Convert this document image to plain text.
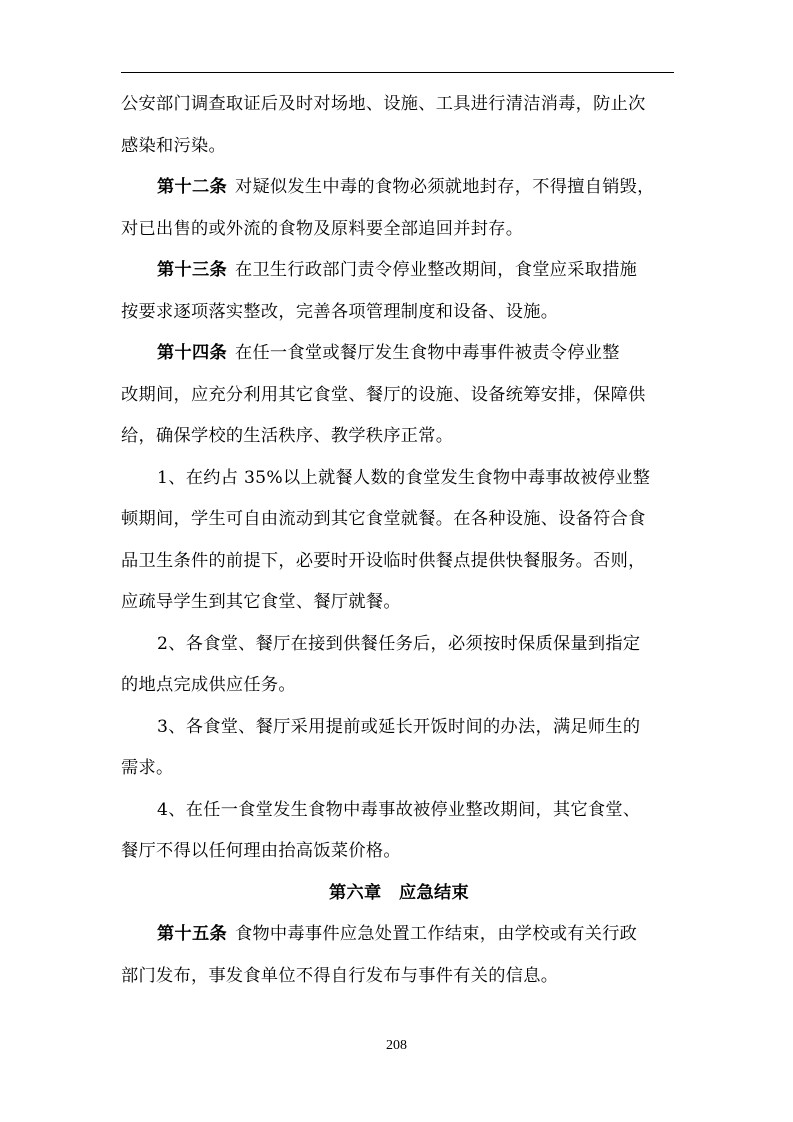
公安部门调查取证后及时对场地、设施、工具进行清洁消毒，防止次
感染和污染。
第十二条 对疑似发生中毒的食物必须就地封存，不得擅自销毁，
对已出售的或外流的食物及原料要全部追回并封存。
第十三条 在卫生行政部门责令停业整改期间，食堂应采取措施
按要求逐项落实整改，完善各项管理制度和设备、设施。
第十四条 在任一食堂或餐厅发生食物中毒事件被责令停业整
改期间，应充分利用其它食堂、餐厅的设施、设备统筹安排，保障供
给，确保学校的生活秩序、教学秩序正常。
1、在约占 35%以上就餐人数的食堂发生食物中毒事故被停业整
顿期间，学生可自由流动到其它食堂就餐。在各种设施、设备符合食
品卫生条件的前提下，必要时开设临时供餐点提供快餐服务。否则，
应疏导学生到其它食堂、餐厅就餐。
2、各食堂、餐厅在接到供餐任务后，必须按时保质保量到指定
的地点完成供应任务。
3、各食堂、餐厅采用提前或延长开饭时间的办法，满足师生的
需求。
4、在任一食堂发生食物中毒事故被停业整改期间，其它食堂、
餐厅不得以任何理由抬高饭菜价格。
第六章　应急结束
第十五条 食物中毒事件应急处置工作结束，由学校或有关行政
部门发布，事发食单位不得自行发布与事件有关的信息。
208
